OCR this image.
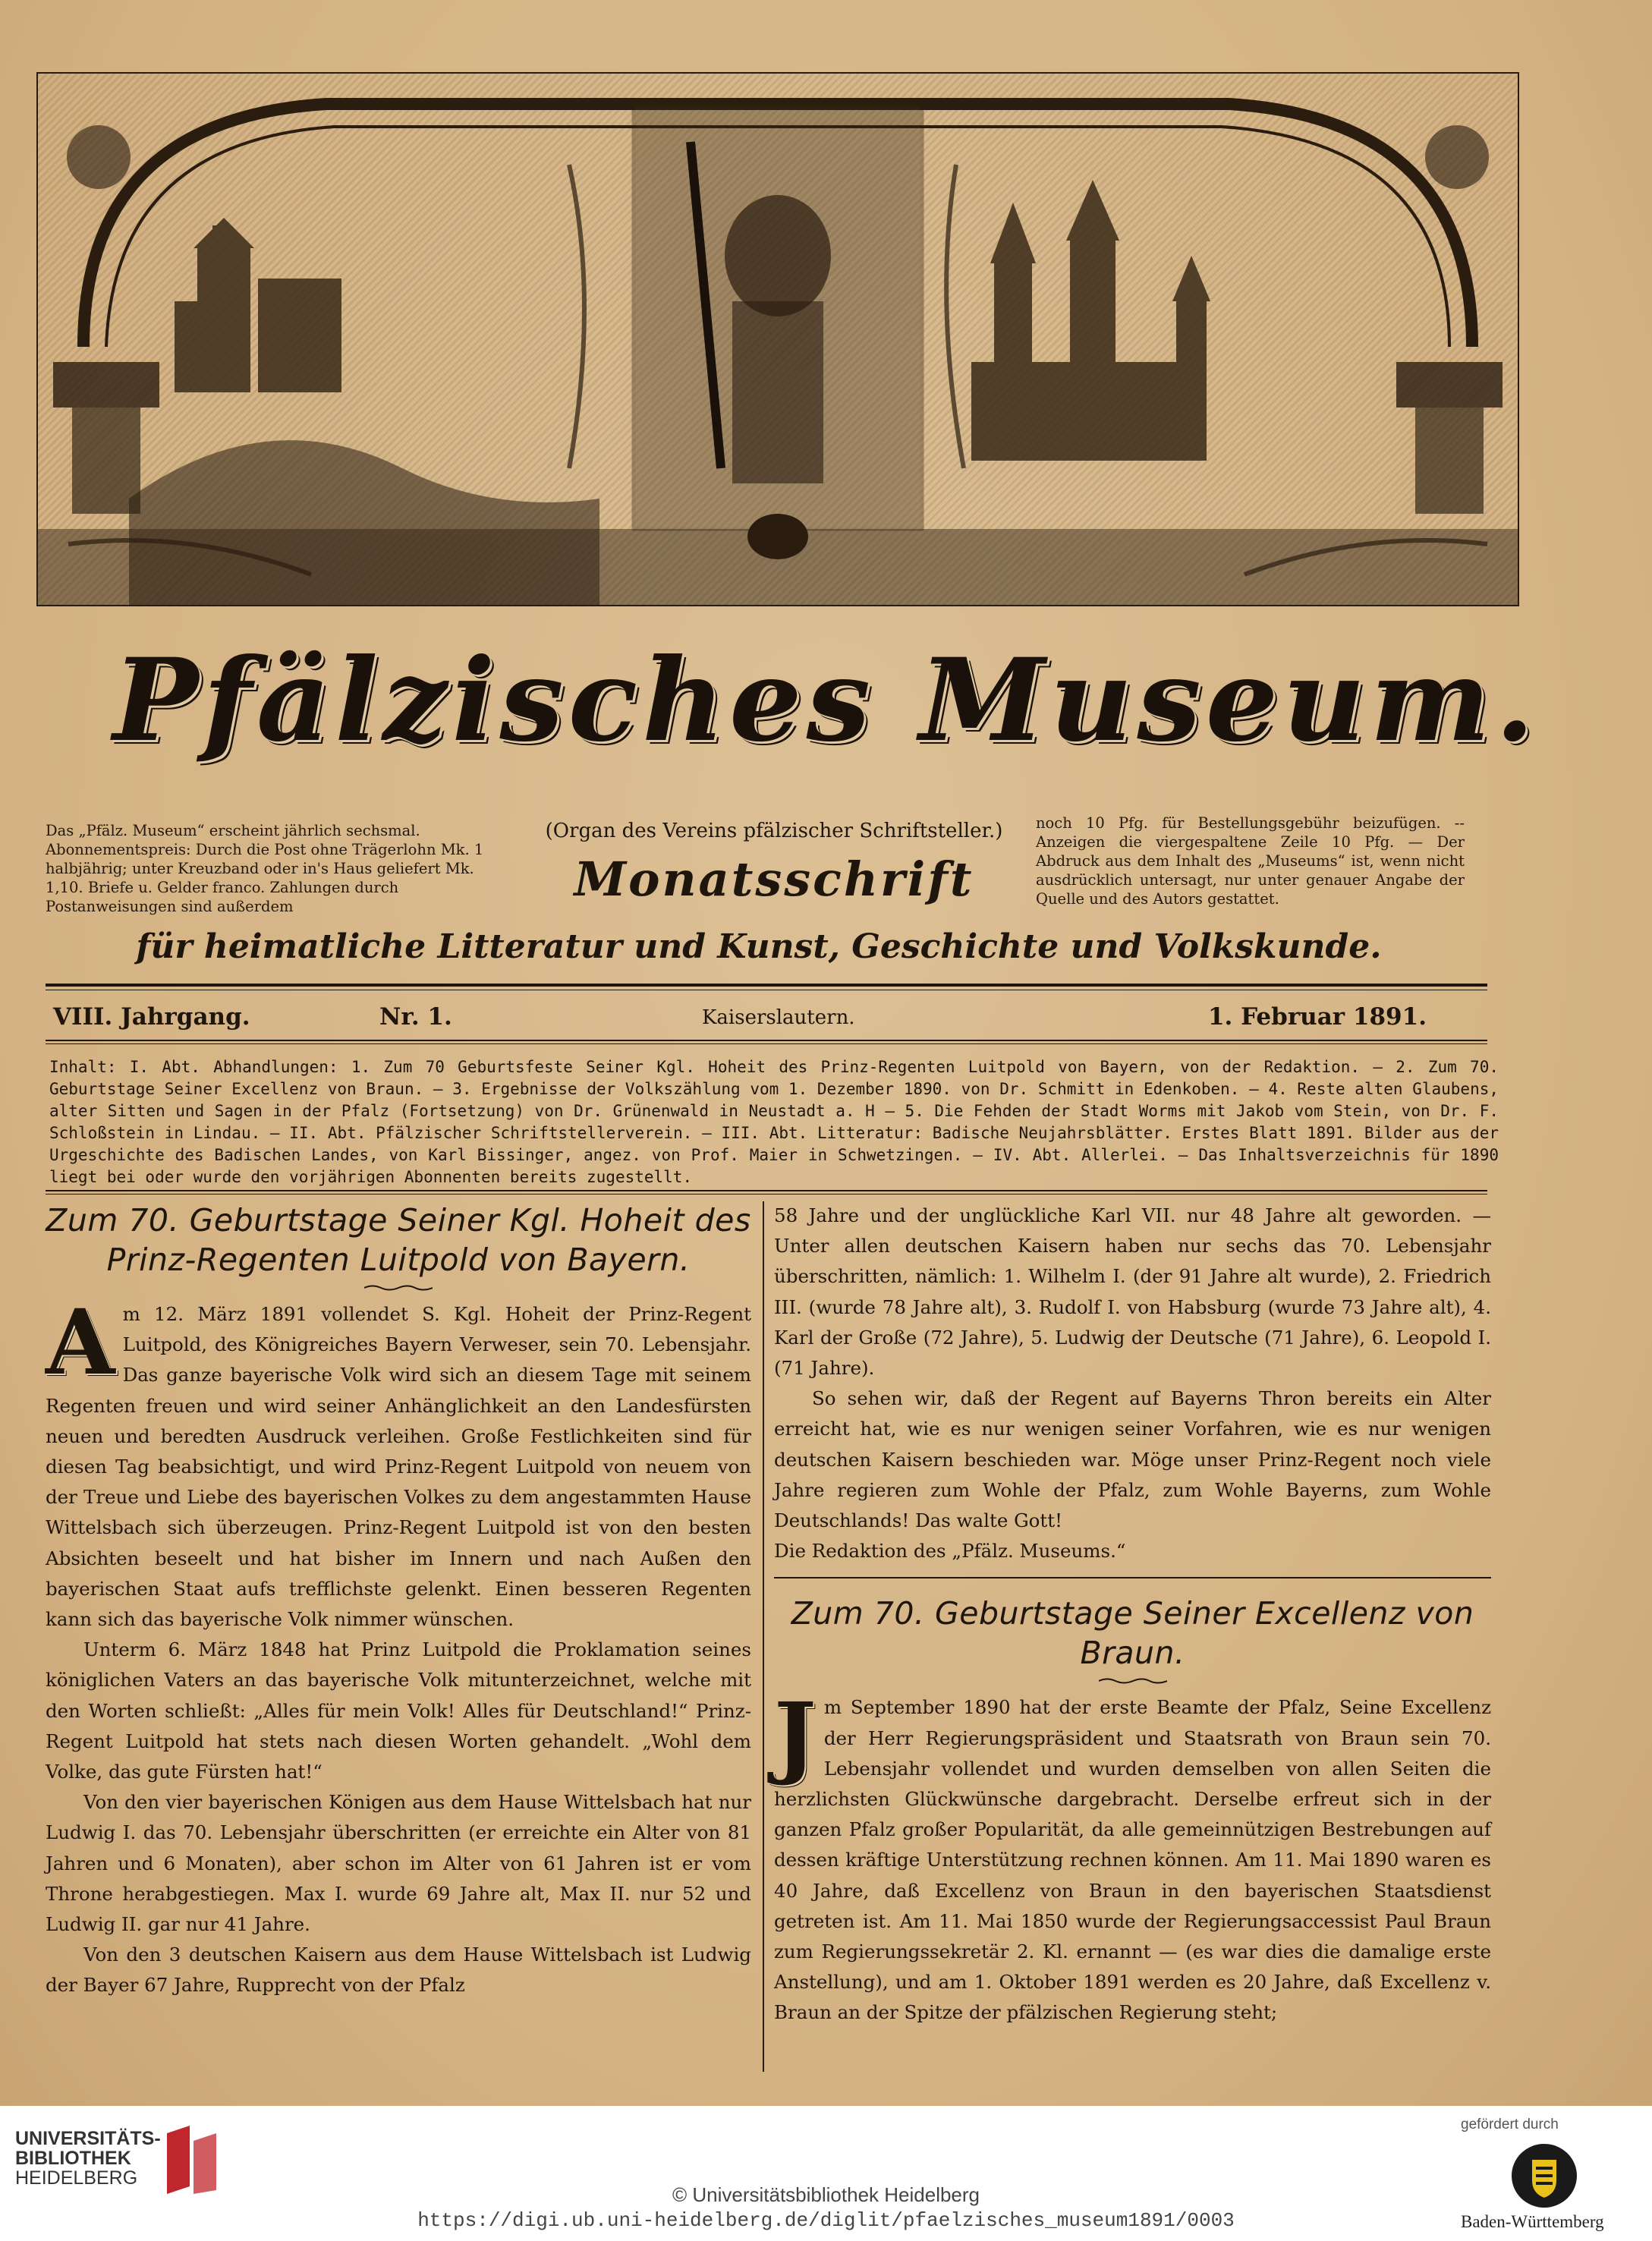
Pfälzisches Museum.
Das „Pfälz. Museum“ erscheint jährlich sechsmal. Abonnementspreis: Durch die Post ohne Trägerlohn Mk. 1 halbjährig; unter Kreuzband oder in's Haus geliefert Mk. 1,10. Briefe u. Gelder franco. Zahlungen durch Postanweisungen sind außerdem
(Organ des Vereins pfälzischer Schriftsteller.)
Monatsschrift
noch 10 Pfg. für Bestellungsgebühr beizufügen. -- Anzeigen die viergespaltene Zeile 10 Pfg. — Der Abdruck aus dem Inhalt des „Museums“ ist, wenn nicht ausdrücklich untersagt, nur unter genauer Angabe der Quelle und des Autors gestattet.
für heimatliche Litteratur und Kunst, Geschichte und Volkskunde.
VIII. Jahrgang.	Nr. 1.	Kaiserslautern.	1. Februar 1891.
Inhalt: I. Abt. Abhandlungen: 1. Zum 70 Geburtsfeste Seiner Kgl. Hoheit des Prinz-Regenten Luitpold von Bayern, von der Redaktion. — 2. Zum 70. Geburtstage Seiner Excellenz von Braun. — 3. Ergebnisse der Volkszählung vom 1. Dezember 1890. von Dr. Schmitt in Edenkoben. — 4. Reste alten Glaubens, alter Sitten und Sagen in der Pfalz (Fortsetzung) von Dr. Grünenwald in Neustadt a. H — 5. Die Fehden der Stadt Worms mit Jakob vom Stein, von Dr. F. Schloßstein in Lindau. — II. Abt. Pfälzischer Schriftstellerverein. — III. Abt. Litteratur: Badische Neujahrsblätter. Erstes Blatt 1891. Bilder aus der Urgeschichte des Badischen Landes, von Karl Bissinger, angez. von Prof. Maier in Schwetzingen. — IV. Abt. Allerlei. — Das Inhaltsverzeichnis für 1890 liegt bei oder wurde den vorjährigen Abonnenten bereits zugestellt.
Zum 70. Geburtstage Seiner Kgl. Hoheit des Prinz-Regenten Luitpold von Bayern.

Am 12. März 1891 vollendet S. Kgl. Hoheit der Prinz-Regent Luitpold, des Königreiches Bayern Verweser, sein 70. Lebensjahr. Das ganze bayerische Volk wird sich an diesem Tage mit seinem Regenten freuen und wird seiner Anhänglichkeit an den Landesfürsten neuen und beredten Ausdruck verleihen. Große Festlichkeiten sind für diesen Tag beabsichtigt, und wird Prinz-Regent Luitpold von neuem von der Treue und Liebe des bayerischen Volkes zu dem angestammten Hause Wittelsbach sich überzeugen. Prinz-Regent Luitpold ist von den besten Absichten beseelt und hat bisher im Innern und nach Außen den bayerischen Staat aufs trefflichste gelenkt. Einen besseren Regenten kann sich das bayerische Volk nimmer wünschen.

Unterm 6. März 1848 hat Prinz Luitpold die Proklamation seines königlichen Vaters an das bayerische Volk mitunterzeichnet, welche mit den Worten schließt: „Alles für mein Volk! Alles für Deutschland!“ Prinz-Regent Luitpold hat stets nach diesen Worten gehandelt. „Wohl dem Volke, das gute Fürsten hat!“

Von den vier bayerischen Königen aus dem Hause Wittelsbach hat nur Ludwig I. das 70. Lebensjahr überschritten (er erreichte ein Alter von 81 Jahren und 6 Monaten), aber schon im Alter von 61 Jahren ist er vom Throne herabgestiegen. Max I. wurde 69 Jahre alt, Max II. nur 52 und Ludwig II. gar nur 41 Jahre.

Von den 3 deutschen Kaisern aus dem Hause Wittelsbach ist Ludwig der Bayer 67 Jahre, Rupprecht von der Pfalz

58 Jahre und der unglückliche Karl VII. nur 48 Jahre alt geworden. — Unter allen deutschen Kaisern haben nur sechs das 70. Lebensjahr überschritten, nämlich: 1. Wilhelm I. (der 91 Jahre alt wurde), 2. Friedrich III. (wurde 78 Jahre alt), 3. Rudolf I. von Habsburg (wurde 73 Jahre alt), 4. Karl der Große (72 Jahre), 5. Ludwig der Deutsche (71 Jahre), 6. Leopold I. (71 Jahre).

So sehen wir, daß der Regent auf Bayerns Thron bereits ein Alter erreicht hat, wie es nur wenigen seiner Vorfahren, wie es nur wenigen deutschen Kaisern beschieden war. Möge unser Prinz-Regent noch viele Jahre regieren zum Wohle der Pfalz, zum Wohle Bayerns, zum Wohle Deutschlands! Das walte Gott!

Die Redaktion des „Pfälz. Museums.“

Zum 70. Geburtstage Seiner Excellenz von Braun.

Jm September 1890 hat der erste Beamte der Pfalz, Seine Excellenz der Herr Regierungspräsident und Staatsrath von Braun sein 70. Lebensjahr vollendet und wurden demselben von allen Seiten die herzlichsten Glückwünsche dargebracht. Derselbe erfreut sich in der ganzen Pfalz großer Popularität, da alle gemeinnützigen Bestrebungen auf dessen kräftige Unterstützung rechnen können. Am 11. Mai 1890 waren es 40 Jahre, daß Excellenz von Braun in den bayerischen Staatsdienst getreten ist. Am 11. Mai 1850 wurde der Regierungsaccessist Paul Braun zum Regierungssekretär 2. Kl. ernannt — (es war dies die damalige erste Anstellung), und am 1. Oktober 1891 werden es 20 Jahre, daß Excellenz v. Braun an der Spitze der pfälzischen Regierung steht;

UNIVERSITÄTS-
BIBLIOTHEK
HEIDELBERG
© Universitätsbibliothek Heidelberg
https://digi.ub.uni-heidelberg.de/diglit/pfaelzisches_museum1891/0003
gefördert durch
Baden-Württemberg
